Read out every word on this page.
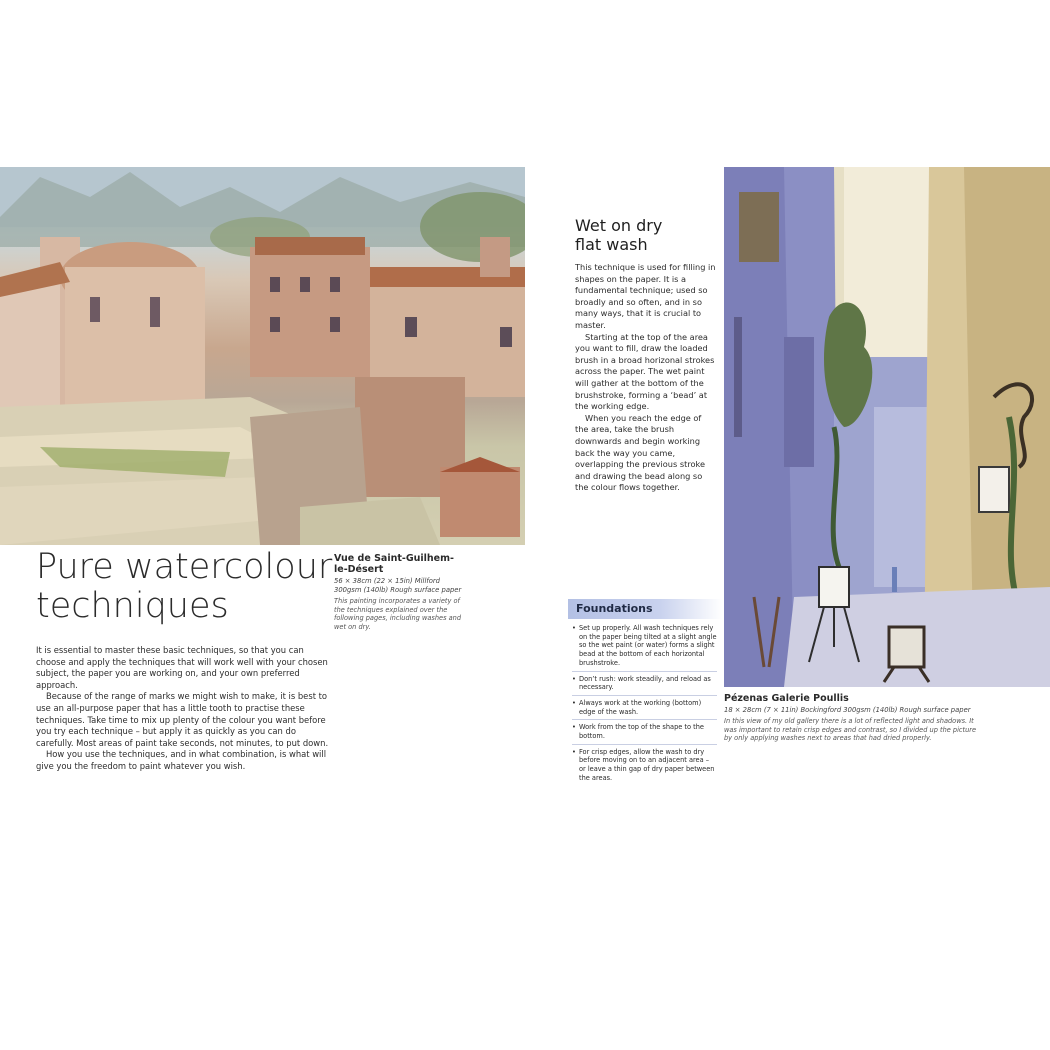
Pure watercolour
techniques
Vue de Saint-Guilhem-le-Désert
56 × 38cm (22 × 15in) Millford 300gsm (140lb) Rough surface paper
This painting incorporates a variety of the techniques explained over the following pages, including washes and wet on dry.

It is essential to master these basic techniques, so that you can choose and apply the techniques that will work well with your chosen subject, the paper you are working on, and your own preferred approach.

Because of the range of marks we might wish to make, it is best to use an all-purpose paper that has a little tooth to practise these techniques. Take time to mix up plenty of the colour you want before you try each technique – but apply it as quickly as you can do carefully. Most areas of paint take seconds, not minutes, to put down.

How you use the techniques, and in what combination, is what will give you the freedom to paint whatever you wish.

Wet on dry
flat wash

This technique is used for filling in shapes on the paper. It is a fundamental technique; used so broadly and so often, and in so many ways, that it is crucial to master.

Starting at the top of the area you want to fill, draw the loaded brush in a broad horizonal strokes across the paper. The wet paint will gather at the bottom of the brushstroke, forming a ‘bead’ at the working edge.

When you reach the edge of the area, take the brush downwards and begin working back the way you came, overlapping the previous stroke and drawing the bead along so the colour flows together.

Foundations
• Set up properly. All wash techniques rely on the paper being tilted at a slight angle so the wet paint (or water) forms a slight bead at the bottom of each horizontal brushstroke.
• Don’t rush: work steadily, and reload as necessary.
• Always work at the working (bottom) edge of the wash.
• Work from the top of the shape to the bottom.
• For crisp edges, allow the wash to dry before moving on to an adjacent area – or leave a thin gap of dry paper between the areas.
Pézenas Galerie Poullis
18 × 28cm (7 × 11in) Bockingford 300gsm (140lb) Rough surface paper
In this view of my old gallery there is a lot of reflected light and shadows. It was important to retain crisp edges and contrast, so I divided up the picture by only applying washes next to areas that had dried properly.
